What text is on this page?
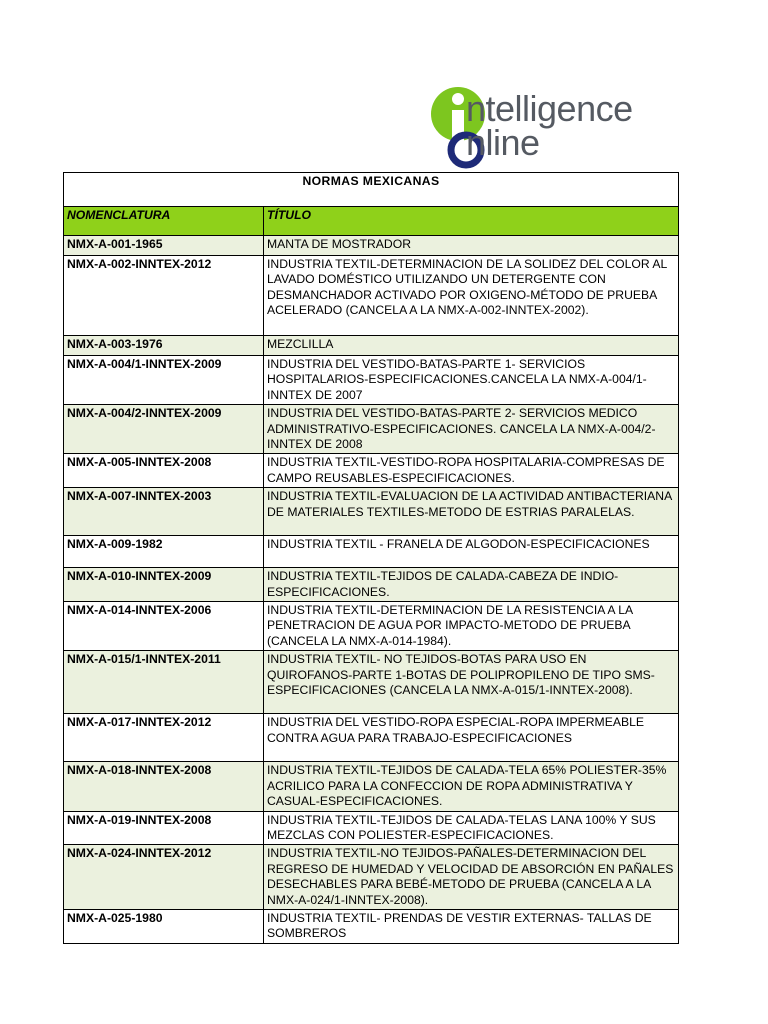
ntelligence
nline
NORMAS MEXICANAS	
NOMENCLATURA	TÍTULO
NMX-A-001-1965	MANTA DE MOSTRADOR
NMX-A-002-INNTEX-2012	INDUSTRIA TEXTIL-DETERMINACION DE LA SOLIDEZ DEL COLOR AL LAVADO DOMÉSTICO UTILIZANDO UN DETERGENTE CON DESMANCHADOR ACTIVADO POR OXIGENO-MÉTODO DE PRUEBA ACELERADO (CANCELA A LA NMX-A-002-INNTEX-2002).
NMX-A-003-1976	MEZCLILLA
NMX-A-004/1-INNTEX-2009	INDUSTRIA DEL VESTIDO-BATAS-PARTE 1- SERVICIOS HOSPITALARIOS-ESPECIFICACIONES.CANCELA LA NMX-A-004/1-INNTEX DE 2007
NMX-A-004/2-INNTEX-2009	INDUSTRIA DEL VESTIDO-BATAS-PARTE 2- SERVICIOS MEDICO ADMINISTRATIVO-ESPECIFICACIONES. CANCELA LA NMX-A-004/2-INNTEX DE 2008
NMX-A-005-INNTEX-2008	INDUSTRIA TEXTIL-VESTIDO-ROPA HOSPITALARIA-COMPRESAS DE CAMPO REUSABLES-ESPECIFICACIONES.
NMX-A-007-INNTEX-2003	INDUSTRIA TEXTIL-EVALUACION DE LA ACTIVIDAD ANTIBACTERIANA DE MATERIALES TEXTILES-METODO DE ESTRIAS PARALELAS.
NMX-A-009-1982	INDUSTRIA TEXTIL - FRANELA DE ALGODON-ESPECIFICACIONES
NMX-A-010-INNTEX-2009	INDUSTRIA TEXTIL-TEJIDOS DE CALADA-CABEZA DE INDIO-ESPECIFICACIONES.
NMX-A-014-INNTEX-2006	INDUSTRIA TEXTIL-DETERMINACION DE LA RESISTENCIA A LA PENETRACION DE AGUA POR IMPACTO-METODO DE PRUEBA (CANCELA LA NMX-A-014-1984).
NMX-A-015/1-INNTEX-2011	INDUSTRIA TEXTIL- NO TEJIDOS-BOTAS PARA USO EN QUIROFANOS-PARTE 1-BOTAS DE POLIPROPILENO DE TIPO SMS-ESPECIFICACIONES (CANCELA LA NMX-A-015/1-INNTEX-2008).
NMX-A-017-INNTEX-2012	INDUSTRIA DEL VESTIDO-ROPA ESPECIAL-ROPA IMPERMEABLE CONTRA AGUA PARA TRABAJO-ESPECIFICACIONES
NMX-A-018-INNTEX-2008	INDUSTRIA TEXTIL-TEJIDOS DE CALADA-TELA 65% POLIESTER-35% ACRILICO PARA LA CONFECCION DE ROPA ADMINISTRATIVA Y CASUAL-ESPECIFICACIONES.
NMX-A-019-INNTEX-2008	INDUSTRIA TEXTIL-TEJIDOS DE CALADA-TELAS LANA 100% Y SUS MEZCLAS CON POLIESTER-ESPECIFICACIONES.
NMX-A-024-INNTEX-2012	INDUSTRIA TEXTIL-NO TEJIDOS-PAÑALES-DETERMINACION DEL REGRESO DE HUMEDAD Y VELOCIDAD DE ABSORCIÓN EN PAÑALES DESECHABLES PARA BEBÉ-METODO DE PRUEBA (CANCELA A LA NMX-A-024/1-INNTEX-2008).
NMX-A-025-1980	INDUSTRIA TEXTIL- PRENDAS DE VESTIR EXTERNAS- TALLAS DE SOMBREROS
